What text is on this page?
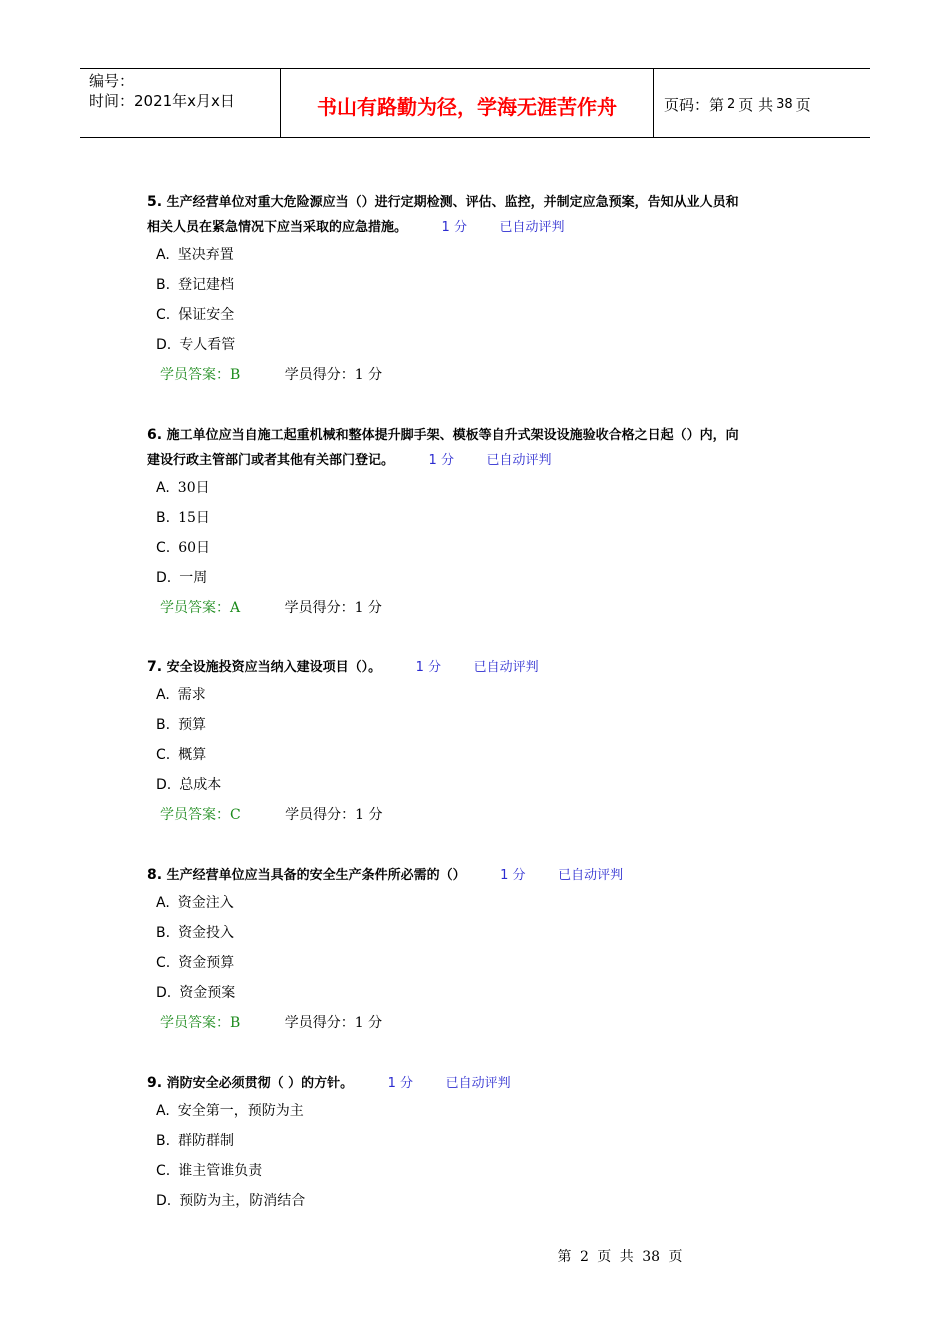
编号：
时间：2021年x月x日	书山有路勤为径，学海无涯苦作舟	页码：第 2 页 共 38 页
5. 生产经营单位对重大危险源应当（）进行定期检测、评估、监控，并制定应急预案，告知从业人员和
相关人员在紧急情况下应当采取的应急措施。	1 分	已自动评判
A. 坚决弃置
B. 登记建档
C. 保证安全
D. 专人看管
学员答案：B	学员得分：1 分
6. 施工单位应当自施工起重机械和整体提升脚手架、模板等自升式架设设施验收合格之日起（）内，向
建设行政主管部门或者其他有关部门登记。	1 分	已自动评判
A. 30日
B. 15日
C. 60日
D. 一周
学员答案：A	学员得分：1 分
7. 安全设施投资应当纳入建设项目（）。	1 分	已自动评判
A. 需求
B. 预算
C. 概算
D. 总成本
学员答案：C	学员得分：1 分
8. 生产经营单位应当具备的安全生产条件所必需的（）	1 分	已自动评判
A. 资金注入
B. 资金投入
C. 资金预算
D. 资金预案
学员答案：B	学员得分：1 分
9. 消防安全必须贯彻（ ）的方针。	1 分	已自动评判
A. 安全第一，预防为主
B. 群防群制
C. 谁主管谁负责
D. 预防为主，防消结合
第 2 页 共 38 页
